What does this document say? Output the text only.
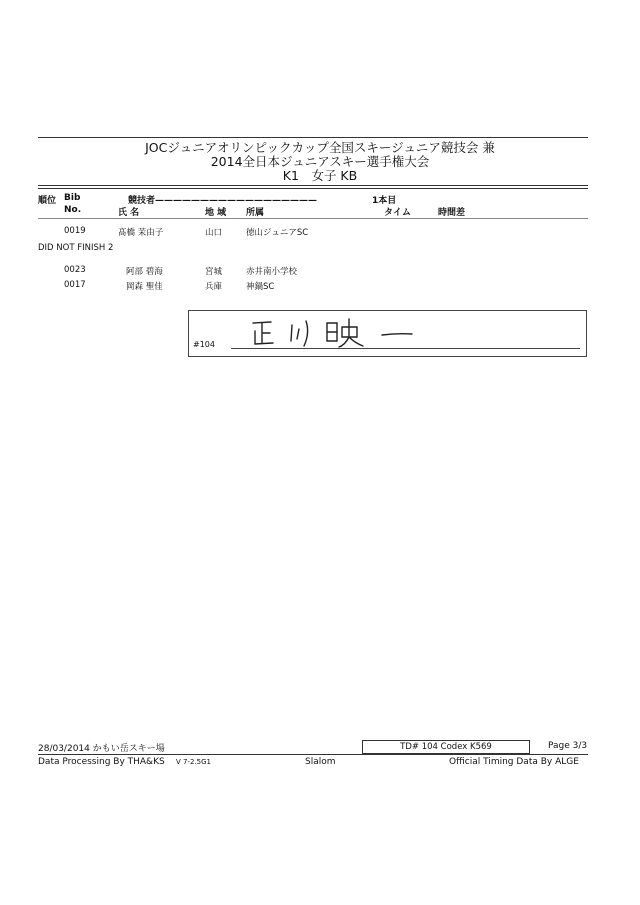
JOCジュニアオリンピックカップ全国スキージュニア競技会 兼
2014全日本ジュニアスキー選手権大会
K1　女子 KB
順位 Bib
No.
競技者——————————————————
氏 名	地 域 所属
1本目
タイム	時間差
0019	髙橋 茉由子	山口	徳山ジュニアSC
DID NOT FINISH 2
0023	阿部 碧海	宮城	赤井南小学校
0017	岡森 聖佳	兵庫	神鍋SC
#104
28/03/2014 かもい岳スキー場	TD# 104 Codex K569	Page 3/3
Data Processing By THA&KS V 7-2.5G1	Slalom	Official Timing Data By ALGE
